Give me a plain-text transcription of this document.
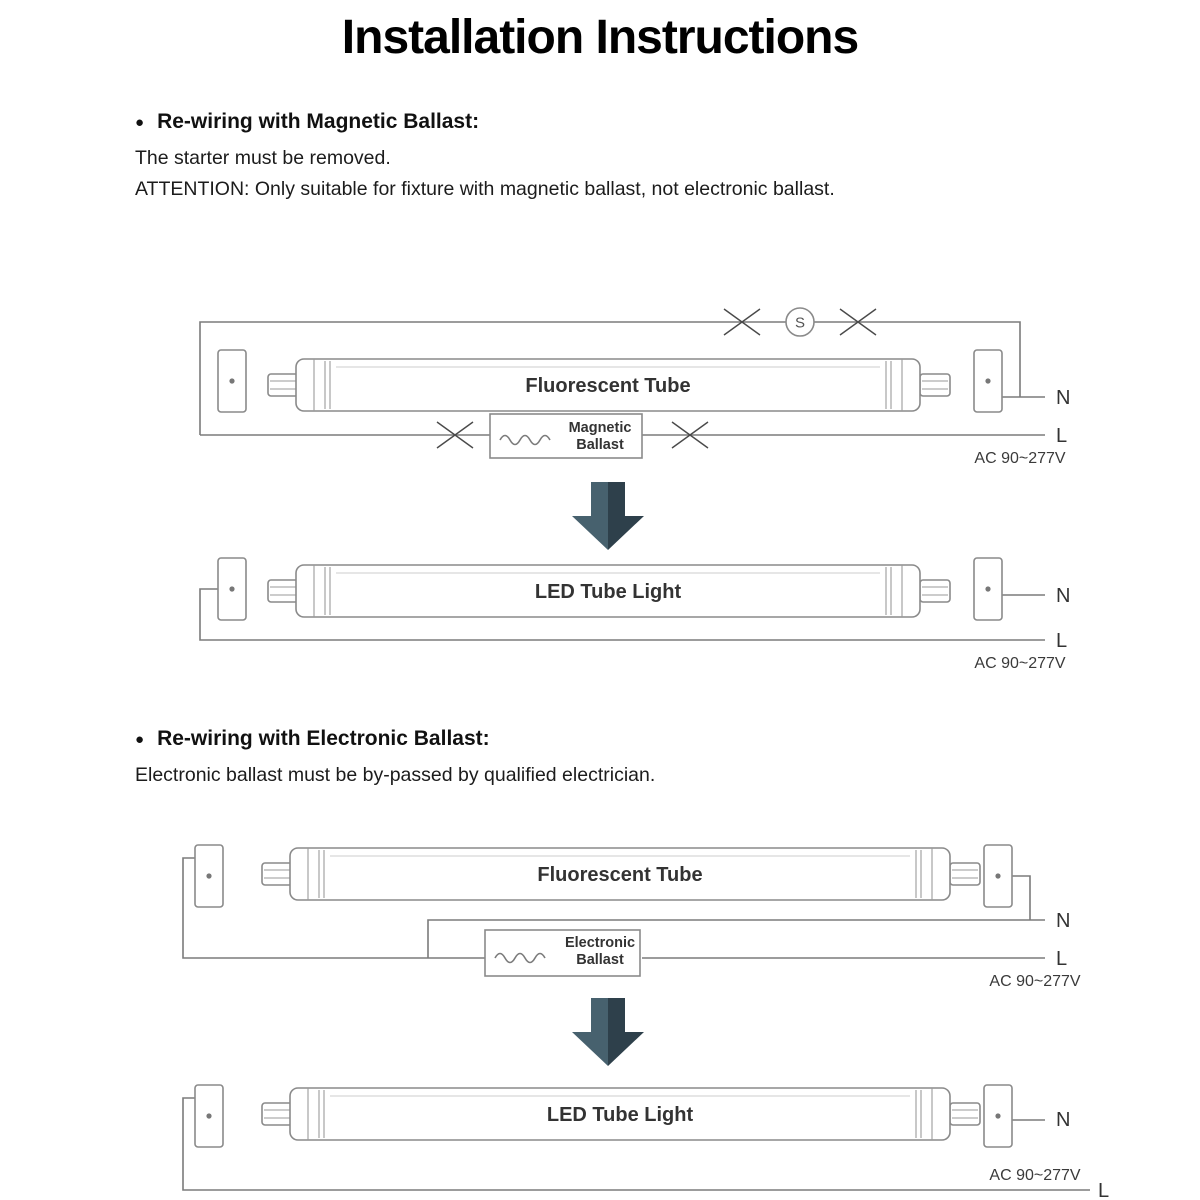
S
Fluorescent Tube
Magnetic
Ballast
N
L
AC 90~277V
LED Tube Light	N
L
AC 90~277V
Fluorescent Tube
Electronic
Ballast
N
L
AC 90~277V
LED Tube Light	N
AC 90~277V
L
Installation Instructions
● Re-wiring with Magnetic Ballast:

The starter must be removed.

ATTENTION: Only suitable for fixture with magnetic ballast, not electronic ballast.

● Re-wiring with Electronic Ballast:

Electronic ballast must be by-passed by qualified electrician.
